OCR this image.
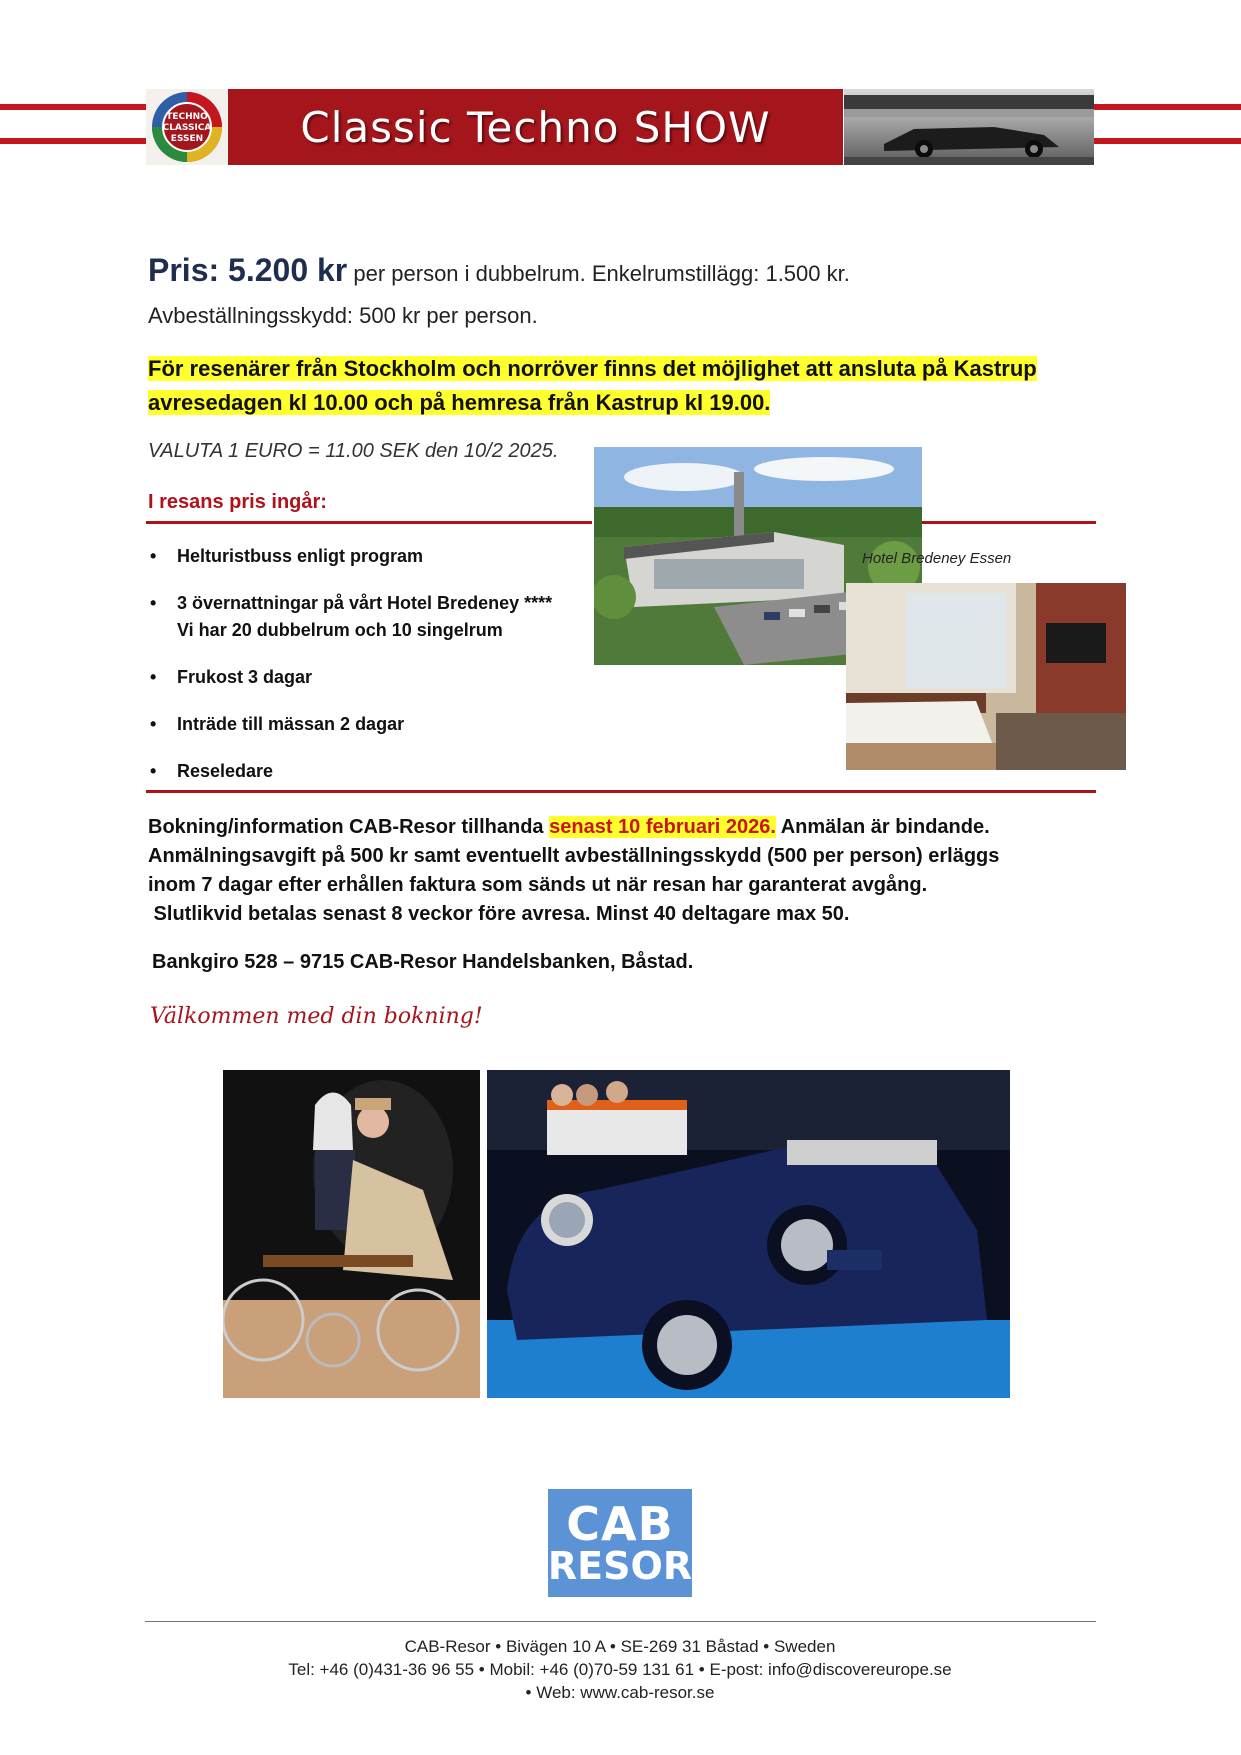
TECHNO
CLASSICA
ESSEN Classic Techno SHOW
Pris: 5.200 kr per person i dubbelrum. Enkelrumstillägg: 1.500 kr.
Avbeställningsskydd: 500 kr per person.
För resenärer från Stockholm och norröver finns det möjlighet att ansluta på Kastrup
avresedagen kl 10.00 och på hemresa från Kastrup kl 19.00.
VALUTA 1 EURO = 11.00 SEK den 10/2 2025.
I resans pris ingår:
• Helturistbuss enligt program
• 3 övernattningar på vårt Hotel Bredeney ****
Vi har 20 dubbelrum och 10 singelrum
• Frukost 3 dagar
• Inträde till mässan 2 dagar
• Reseledare
Hotel Bredeney Essen
Bokning/information CAB-Resor tillhanda senast 10 februari 2026. Anmälan är bindande.
Anmälningsavgift på 500 kr samt eventuellt avbeställningsskydd (500 per person) erläggs
inom 7 dagar efter erhållen faktura som sänds ut när resan har garanterat avgång.
Slutlikvid betalas senast 8 veckor före avresa. Minst 40 deltagare max 50.
Bankgiro 528 – 9715 CAB-Resor Handelsbanken, Båstad.
Välkommen med din bokning!
CAB
RESOR
CAB-Resor • Bivägen 10 A • SE-269 31 Båstad • Sweden
Tel: +46 (0)431-36 96 55 • Mobil: +46 (0)70-59 131 61 • E-post: info@discovereurope.se
• Web: www.cab-resor.se
